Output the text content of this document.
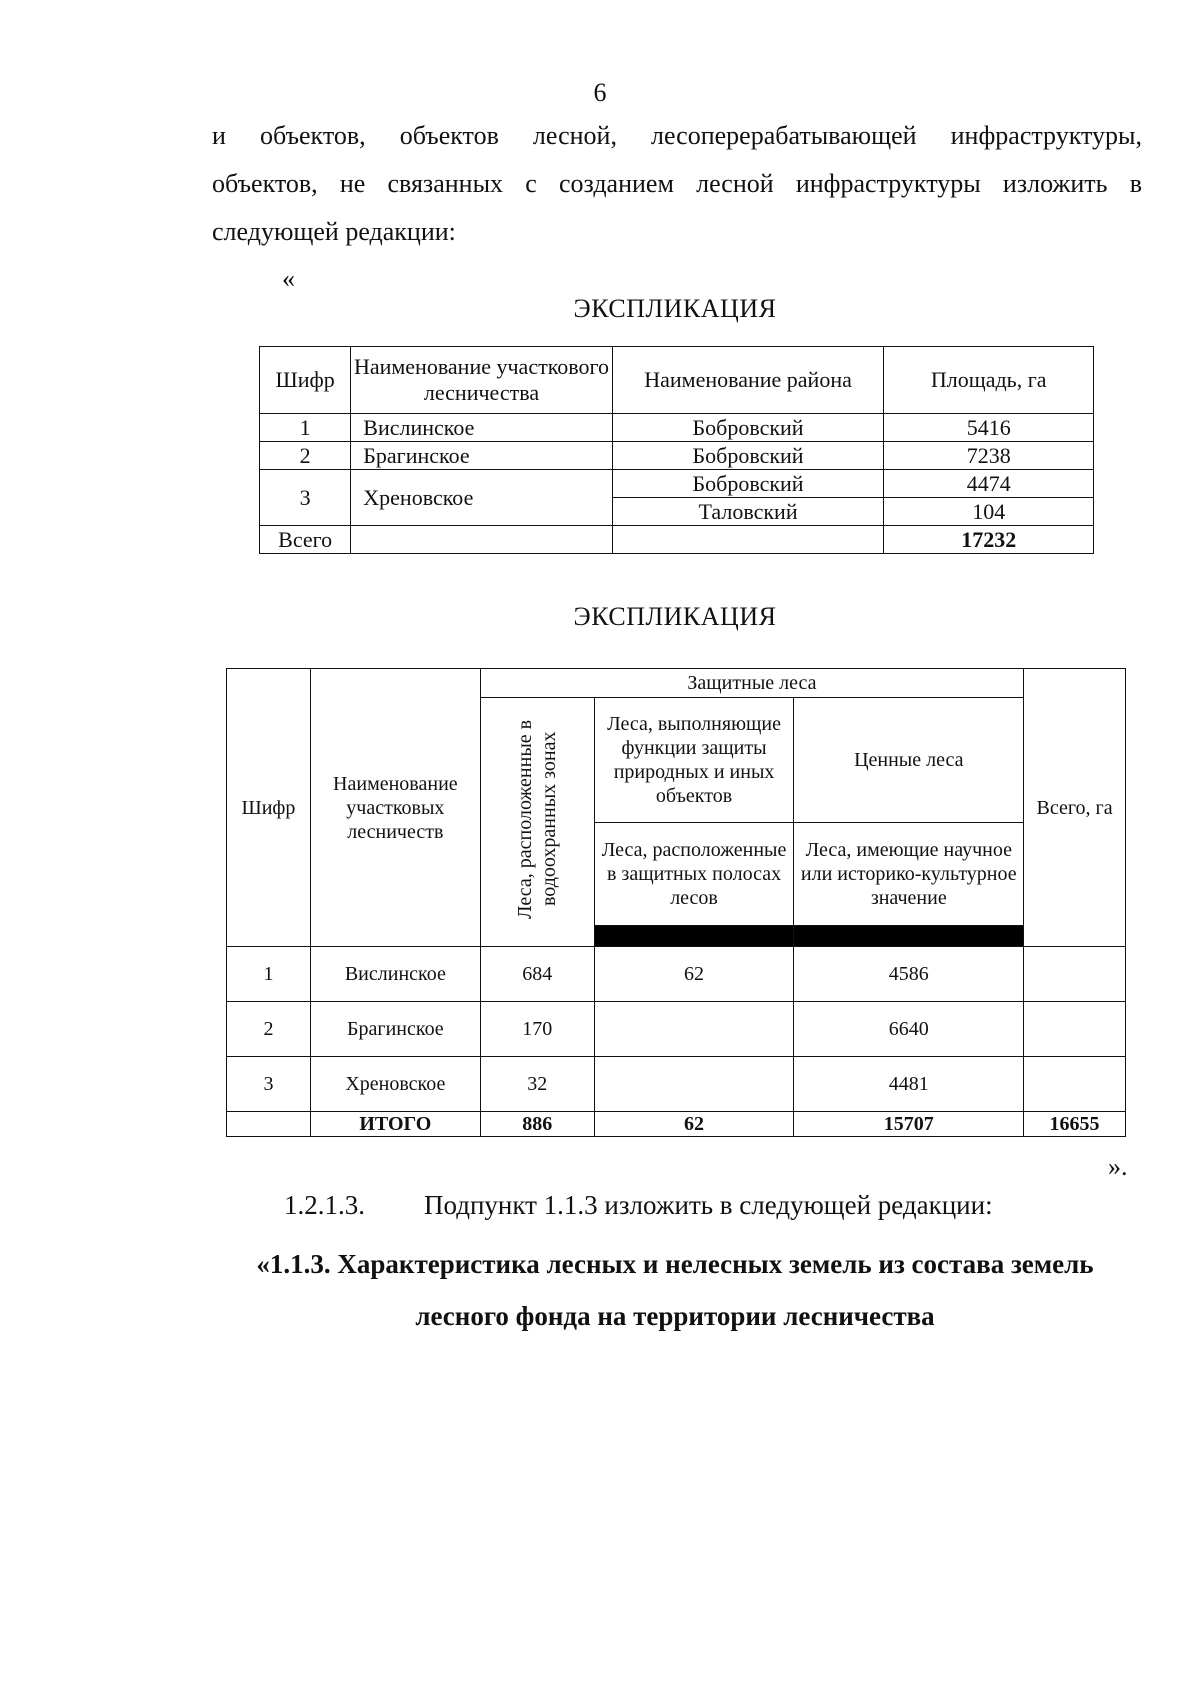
6

и объектов, объектов лесной, лесоперерабатывающей инфраструктуры,

объектов, не связанных с созданием лесной инфраструктуры изложить в

следующей редакции:

«
ЭКСПЛИКАЦИЯ
Шифр	Наименование участкового лесничества	Наименование района	Площадь, га
1	Вислинское	Бобровский	5416
2	Брагинское	Бобровский	7238
3	Хреновское	Бобровский	4474
		Таловский	104
Всего			17232
ЭКСПЛИКАЦИЯ
Шифр	Наименование участковых лесничеств	Защитные леса			Всего, га
		Леса, расположенные в водоохранных зонах	Леса, выполняющие функции защиты природных и иных объектов	Ценные леса	
			Леса, расположенные в защитных полосах лесов	Леса, имеющие научное или историко-культурное значение	

1	Вислинское	684	62	4586	
2	Брагинское	170		6640	
3	Хреновское	32		4481	
	ИТОГО	886	62	15707	16655
».
1.2.1.3. Подпункт 1.1.3 изложить в следующей редакции:

«1.1.3. Характеристика лесных и нелесных земель из состава земель

лесного фонда на территории лесничества
